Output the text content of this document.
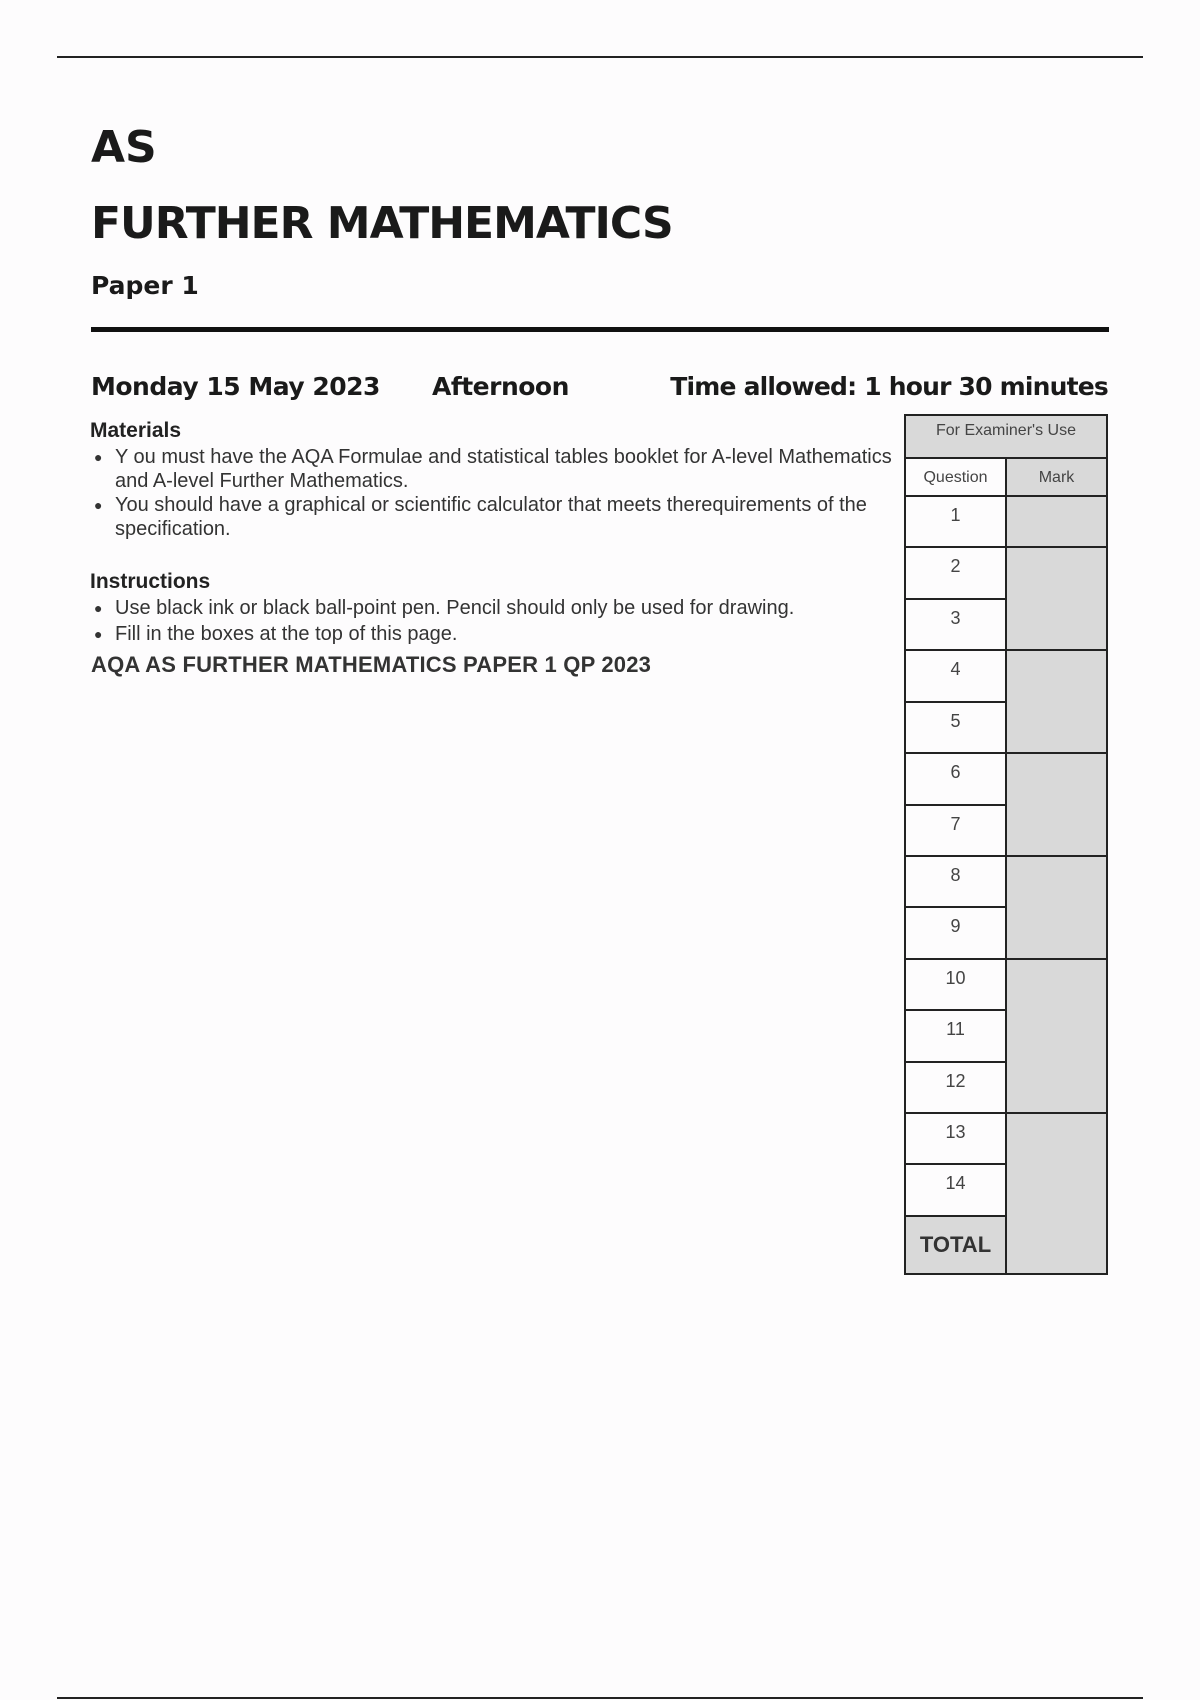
AS
FURTHER MATHEMATICS
Paper 1
Monday 15 May 2023 Afternoon	Time allowed: 1 hour 30 minutes
Materials
● Y ou must have the AQA Formulae and statistical tables booklet for A-level Mathematics and A-level Further Mathematics.
● You should have a graphical or scientific calculator that meets therequirements of the specification.
Instructions
● Use black ink or black ball-point pen. Pencil should only be used for drawing.
● Fill in the boxes at the top of this page.
AQA AS FURTHER MATHEMATICS PAPER 1 QP 2023
For Examiner's Use
Question	Mark
1
2
3
4
5
6
7
8
9
10
11
12
13
14
TOTAL
